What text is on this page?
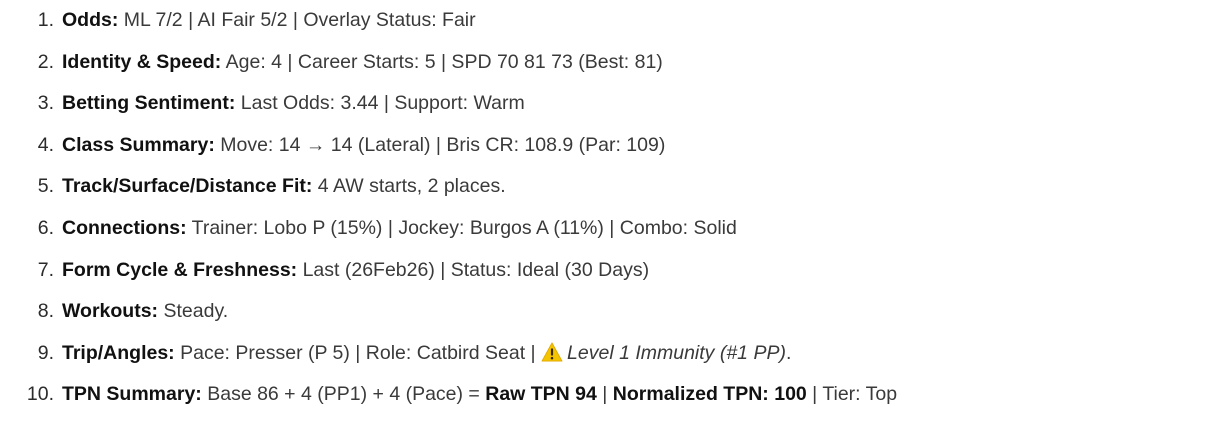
1. Odds: ML 7/2 | AI Fair 5/2 | Overlay Status: Fair
2. Identity & Speed: Age: 4 | Career Starts: 5 | SPD 70 81 73 (Best: 81)
3. Betting Sentiment: Last Odds: 3.44 | Support: Warm
4. Class Summary: Move: 14 → 14 (Lateral) | Bris CR: 108.9 (Par: 109)
5. Track/Surface/Distance Fit: 4 AW starts, 2 places.
6. Connections: Trainer: Lobo P (15%) | Jockey: Burgos A (11%) | Combo: Solid
7. Form Cycle & Freshness: Last (26Feb26) | Status: Ideal (30 Days)
8. Workouts: Steady.
9. Trip/Angles: Pace: Presser (P 5) | Role: Catbird Seat | Level 1 Immunity (#1 PP).
10. TPN Summary: Base 86 + 4 (PP1) + 4 (Pace) = Raw TPN 94 | Normalized TPN: 100 | Tier: Top
